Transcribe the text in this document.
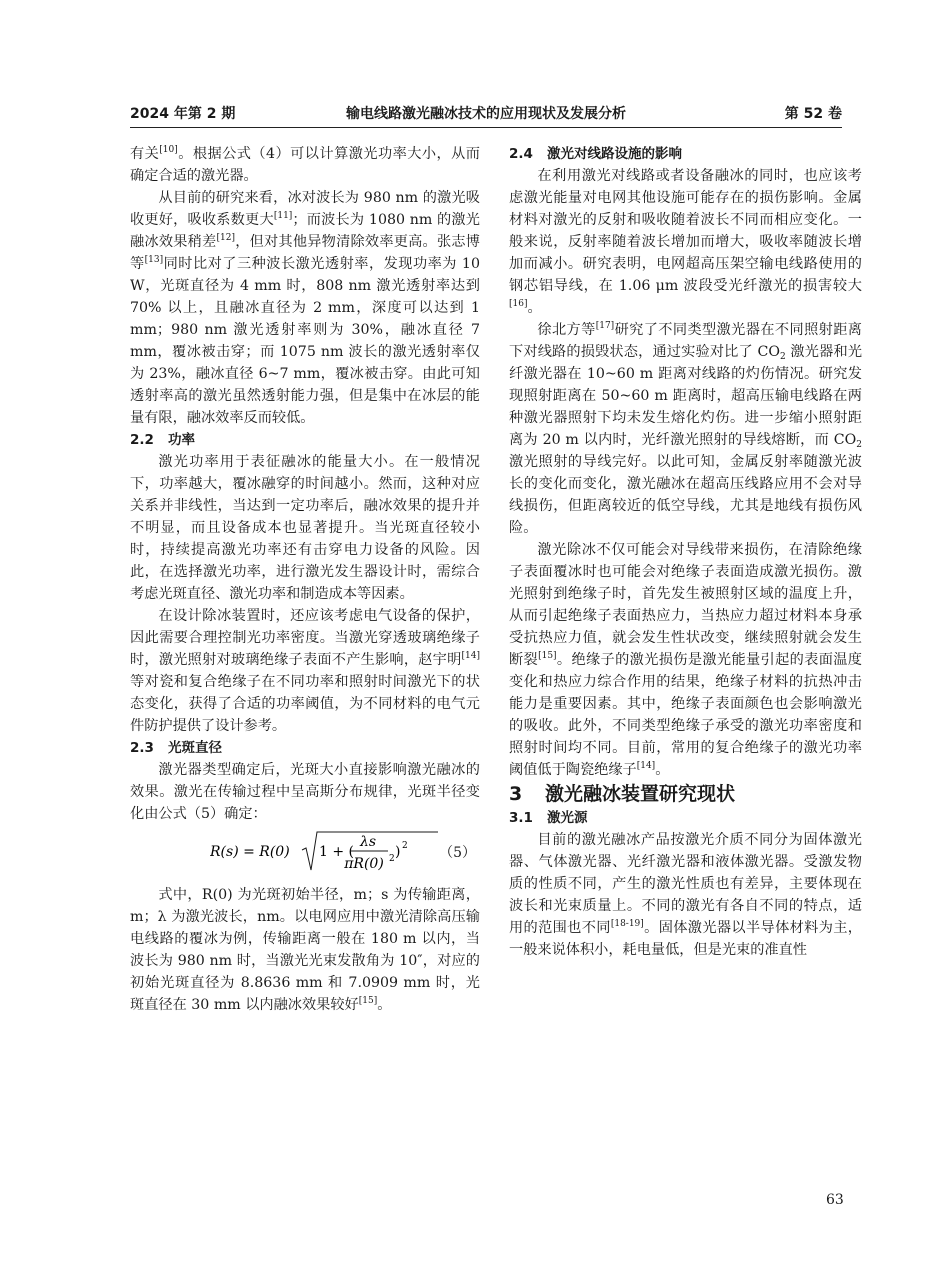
2024 年第 2 期	输电线路激光融冰技术的应用现状及发展分析	第 52 卷

有关[10]。根据公式（4）可以计算激光功率大小，从而确定合适的激光器。

从目前的研究来看，冰对波长为 980 nm 的激光吸收更好，吸收系数更大[11]；而波长为 1080 nm 的激光融冰效果稍差[12]，但对其他异物清除效率更高。张志博等[13]同时比对了三种波长激光透射率，发现功率为 10 W，光斑直径为 4 mm 时，808 nm 激光透射率达到 70% 以上，且融冰直径为 2 mm，深度可以达到 1 mm；980 nm 激光透射率则为 30%，融冰直径 7 mm，覆冰被击穿；而 1075 nm 波长的激光透射率仅为 23%，融冰直径 6~7 mm，覆冰被击穿。由此可知透射率高的激光虽然透射能力强，但是集中在冰层的能量有限，融冰效率反而较低。

2.2 功率

激光功率用于表征融冰的能量大小。在一般情况下，功率越大，覆冰融穿的时间越小。然而，这种对应关系并非线性，当达到一定功率后，融冰效果的提升并不明显，而且设备成本也显著提升。当光斑直径较小时，持续提高激光功率还有击穿电力设备的风险。因此，在选择激光功率，进行激光发生器设计时，需综合考虑光斑直径、激光功率和制造成本等因素。

在设计除冰装置时，还应该考虑电气设备的保护，因此需要合理控制光功率密度。当激光穿透玻璃绝缘子时，激光照射对玻璃绝缘子表面不产生影响，赵宇明[14]等对瓷和复合绝缘子在不同功率和照射时间激光下的状态变化，获得了合适的功率阈值，为不同材料的电气元件防护提供了设计参考。

2.3 光斑直径

激光器类型确定后，光斑大小直接影响激光融冰的效果。激光在传输过程中呈高斯分布规律，光斑半径变化由公式（5）确定：

R(s) = R(0) 1 + (
λs
πR(0) 2 ) 2 （5）

式中，R(0) 为光斑初始半径，m；s 为传输距离，m；λ 为激光波长，nm。以电网应用中激光清除高压输电线路的覆冰为例，传输距离一般在 180 m 以内，当波长为 980 nm 时，当激光光束发散角为 10″，对应的初始光斑直径为 8.8636 mm 和 7.0909 mm 时，光斑直径在 30 mm 以内融冰效果较好[15]。

2.4 激光对线路设施的影响

在利用激光对线路或者设备融冰的同时，也应该考虑激光能量对电网其他设施可能存在的损伤影响。金属材料对激光的反射和吸收随着波长不同而相应变化。一般来说，反射率随着波长增加而增大，吸收率随波长增加而减小。研究表明，电网超高压架空输电线路使用的钢芯铝导线，在 1.06 μm 波段受光纤激光的损害较大[16]。

徐北方等[17]研究了不同类型激光器在不同照射距离下对线路的损毁状态，通过实验对比了 $CO_2$ 激光器和光纤激光器在 10~60 m 距离对线路的灼伤情况。研究发现照射距离在 50~60 m 距离时，超高压输电线路在两种激光器照射下均未发生熔化灼伤。进一步缩小照射距离为 20 m 以内时，光纤激光照射的导线熔断，而 $CO_2$ 激光照射的导线完好。以此可知，金属反射率随激光波长的变化而变化，激光融冰在超高压线路应用不会对导线损伤，但距离较近的低空导线，尤其是地线有损伤风险。

激光除冰不仅可能会对导线带来损伤，在清除绝缘子表面覆冰时也可能会对绝缘子表面造成激光损伤。激光照射到绝缘子时，首先发生被照射区域的温度上升，从而引起绝缘子表面热应力，当热应力超过材料本身承受抗热应力值，就会发生性状改变，继续照射就会发生断裂[15]。绝缘子的激光损伤是激光能量引起的表面温度变化和热应力综合作用的结果，绝缘子材料的抗热冲击能力是重要因素。其中，绝缘子表面颜色也会影响激光的吸收。此外，不同类型绝缘子承受的激光功率密度和照射时间均不同。目前，常用的复合绝缘子的激光功率阈值低于陶瓷绝缘子[14]。

3 激光融冰装置研究现状

3.1 激光源

目前的激光融冰产品按激光介质不同分为固体激光器、气体激光器、光纤激光器和液体激光器。受激发物质的性质不同，产生的激光性质也有差异，主要体现在波长和光束质量上。不同的激光有各自不同的特点，适用的范围也不同[18-19]。固体激光器以半导体材料为主，一般来说体积小，耗电量低，但是光束的准直性

63
